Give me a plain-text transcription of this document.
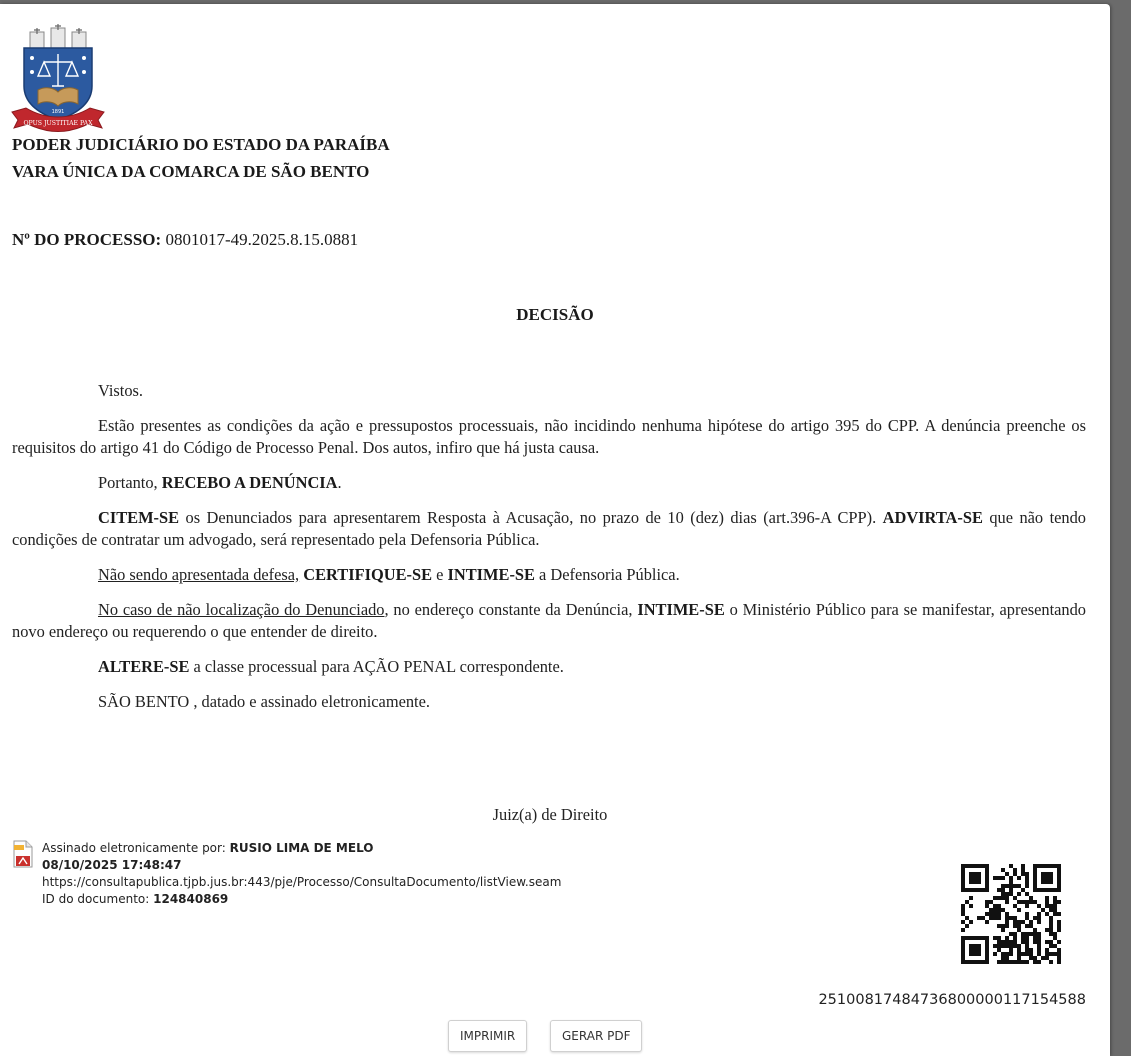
1891
OPUS JUSTITIAE PAX
PODER JUDICIÁRIO DO ESTADO DA PARAÍBA
VARA ÚNICA DA COMARCA DE SÃO BENTO
Nº DO PROCESSO: 0801017-49.2025.8.15.0881
DECISÃO

Vistos.

Estão presentes as condições da ação e pressupostos processuais, não incidindo nenhuma hipótese do artigo 395 do CPP. A denúncia preenche os requisitos do artigo 41 do Código de Processo Penal. Dos autos, infiro que há justa causa.

Portanto, RECEBO A DENÚNCIA.

CITEM-SE os Denunciados para apresentarem Resposta à Acusação, no prazo de 10 (dez) dias (art.396-A CPP). ADVIRTA-SE que não tendo condições de contratar um advogado, será representado pela Defensoria Pública.

Não sendo apresentada defesa, CERTIFIQUE-SE e INTIME-SE a Defensoria Pública.

No caso de não localização do Denunciado, no endereço constante da Denúncia, INTIME-SE o Ministério Público para se manifestar, apresentando novo endereço ou requerendo o que entender de direito.

ALTERE-SE a classe processual para AÇÃO PENAL correspondente.

SÃO BENTO , datado e assinado eletronicamente.

Juiz(a) de Direito
Assinado eletronicamente por: RUSIO LIMA DE MELO
08/10/2025 17:48:47
https://consultapublica.tjpb.jus.br:443/pje/Processo/ConsultaDocumento/listView.seam
ID do documento: 124840869
25100817484736800000117154588
IMPRIMIR	GERAR PDF
